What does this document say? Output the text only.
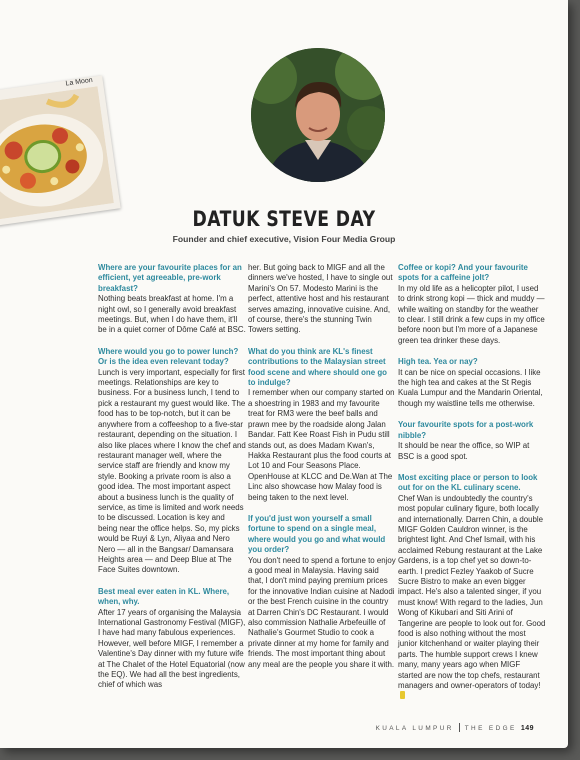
La Moon
DATUK STEVE DAY
Founder and chief executive, Vision Four Media Group

Where are your favourite places for an efficient, yet agreeable, pre-work breakfast?

Nothing beats breakfast at home. I'm a night owl, so I generally avoid breakfast meetings. But, when I do have them, it'll be in a quiet corner of Dôme Café at BSC.

Where would you go to power lunch? Or is the idea even relevant today?

Lunch is very important, especially for first meetings. Relationships are key to business. For a business lunch, I tend to pick a restaurant my guest would like. The food has to be top-notch, but it can be anywhere from a coffeeshop to a five-star restaurant, depending on the situation. I also like places where I know the chef and restaurant manager well, where the service staff are friendly and know my style. Booking a private room is also a good idea. The most important aspect about a business lunch is the quality of service, as time is limited and work needs to be discussed. Location is key and being near the office helps. So, my picks would be Ruyi & Lyn, Aliyaa and Nero Nero — all in the Bangsar/ Damansara Heights area — and Deep Blue at The Face Suites downtown.

Best meal ever eaten in KL. Where, when, why.

After 17 years of organising the Malaysia International Gastronomy Festival (MIGF), I have had many fabulous experiences. However, well before MIGF, I remember a Valentine's Day dinner with my future wife at The Chalet of the Hotel Equatorial (now the EQ). We had all the best ingredients, chief of which was

her. But going back to MIGF and all the dinners we've hosted, I have to single out Marini's On 57. Modesto Marini is the perfect, attentive host and his restaurant serves amazing, innovative cuisine. And, of course, there's the stunning Twin Towers setting.

What do you think are KL's finest contributions to the Malaysian street food scene and where should one go to indulge?

I remember when our company started on a shoestring in 1983 and my favourite treat for RM3 were the beef balls and prawn mee by the roadside along Jalan Bandar. Fatt Kee Roast Fish in Pudu still stands out, as does Madam Kwan's, Hakka Restaurant plus the food courts at Lot 10 and Four Seasons Place. OpenHouse at KLCC and De.Wan at The Linc also showcase how Malay food is being taken to the next level.

If you'd just won yourself a small fortune to spend on a single meal, where would you go and what would you order?

You don't need to spend a fortune to enjoy a good meal in Malaysia. Having said that, I don't mind paying premium prices for the innovative Indian cuisine at Nadodi or the best French cuisine in the country at Darren Chin's DC Restaurant. I would also commission Nathalie Arbefeuille of Nathalie's Gourmet Studio to cook a private dinner at my home for family and friends. The most important thing about any meal are the people you share it with.

Coffee or kopi? And your favourite spots for a caffeine jolt?

In my old life as a helicopter pilot, I used to drink strong kopi — thick and muddy — while waiting on standby for the weather to clear. I still drink a few cups in my office before noon but I'm more of a Japanese green tea drinker these days.

High tea. Yea or nay?

It can be nice on special occasions. I like the high tea and cakes at the St Regis Kuala Lumpur and the Mandarin Oriental, though my waistline tells me otherwise.

Your favourite spots for a post-work nibble?

It should be near the office, so WIP at BSC is a good spot.

Most exciting place or person to look out for on the KL culinary scene.

Chef Wan is undoubtedly the country's most popular culinary figure, both locally and internationally. Darren Chin, a double MIGF Golden Cauldron winner, is the brightest light. And Chef Ismail, with his acclaimed Rebung restaurant at the Lake Gardens, is a top chef yet so down-to-earth. I predict Fezley Yaakob of Sucre Sucre Bistro to make an even bigger impact. He's also a talented singer, if you must know! With regard to the ladies, Jun Wong of Kikubari and Siti Arini of Tangerine are people to look out for. Good food is also nothing without the most junior kitchenhand or waiter playing their parts. The humble support crews I knew many, many years ago when MIGF started are now the top chefs, restaurant managers and owner-operators of today!

KUALA LUMPUR THE EDGE 149
